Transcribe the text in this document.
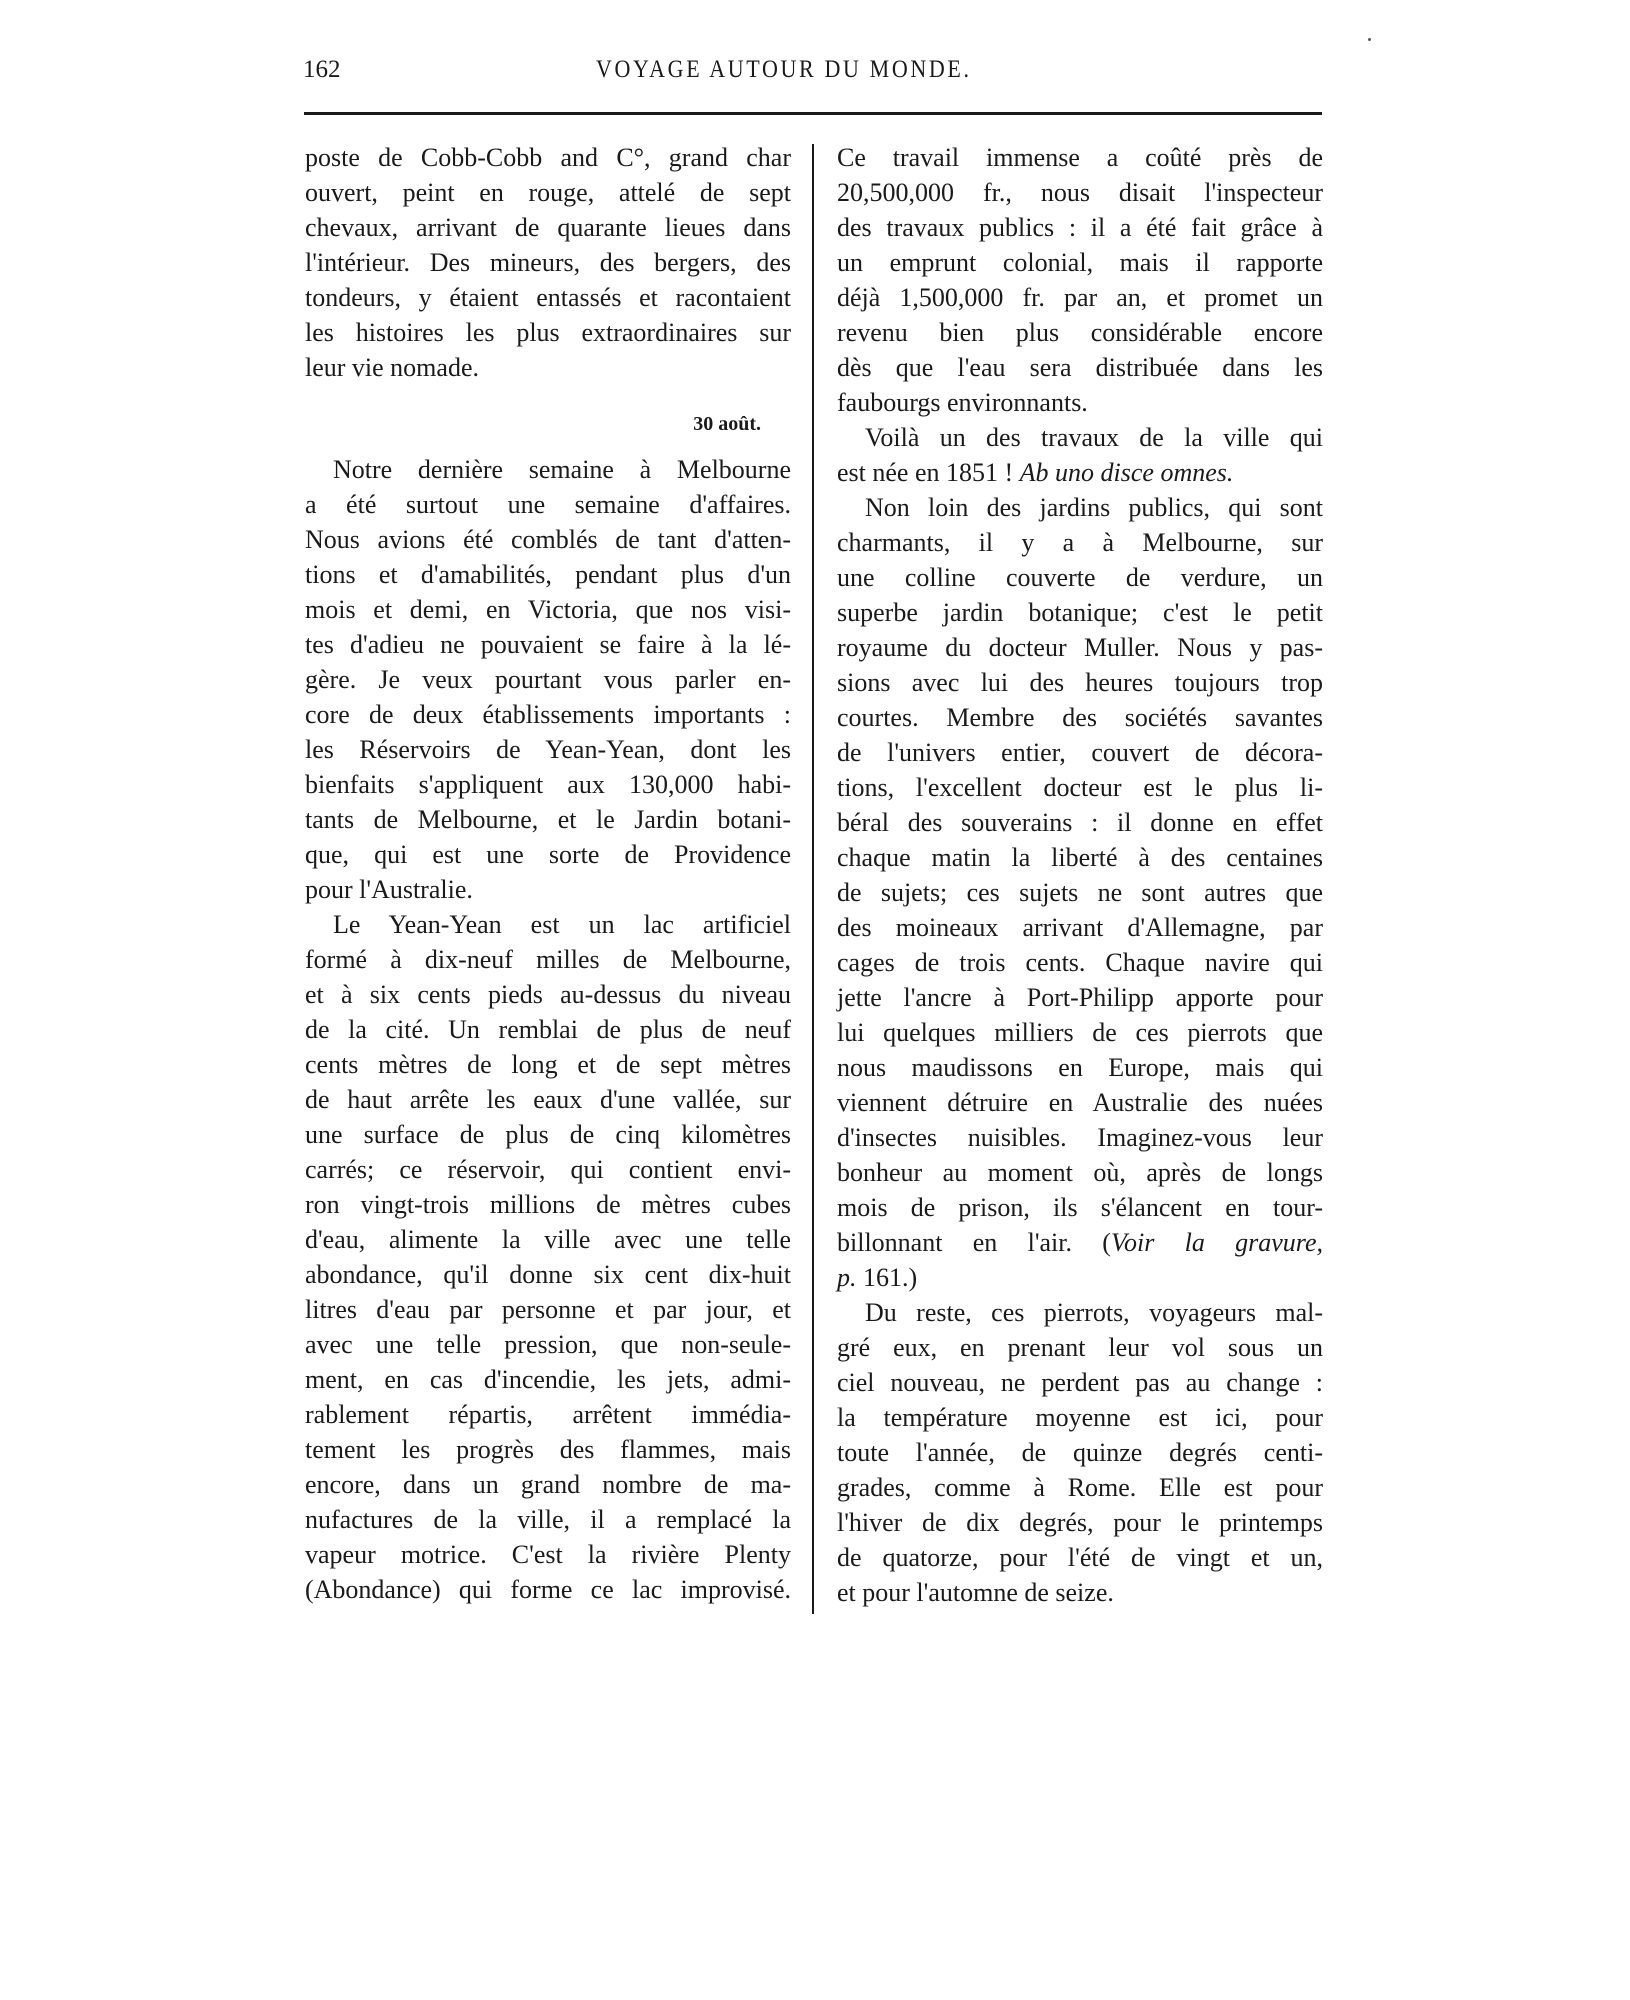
162	VOYAGE AUTOUR DU MONDE.
poste de Cobb-Cobb and C°, grand char
ouvert, peint en rouge, attelé de sept
chevaux, arrivant de quarante lieues dans
l'intérieur. Des mineurs, des bergers, des
tondeurs, y étaient entassés et racontaient
les histoires les plus extraordinaires sur
leur vie nomade.
30 août.
Notre dernière semaine à Melbourne
a été surtout une semaine d'affaires.
Nous avions été comblés de tant d'atten-
tions et d'amabilités, pendant plus d'un
mois et demi, en Victoria, que nos visi-
tes d'adieu ne pouvaient se faire à la lé-
gère. Je veux pourtant vous parler en-
core de deux établissements importants :
les Réservoirs de Yean-Yean, dont les
bienfaits s'appliquent aux 130,000 habi-
tants de Melbourne, et le Jardin botani-
que, qui est une sorte de Providence
pour l'Australie.
Le Yean-Yean est un lac artificiel
formé à dix-neuf milles de Melbourne,
et à six cents pieds au-dessus du niveau
de la cité. Un remblai de plus de neuf
cents mètres de long et de sept mètres
de haut arrête les eaux d'une vallée, sur
une surface de plus de cinq kilomètres
carrés; ce réservoir, qui contient envi-
ron vingt-trois millions de mètres cubes
d'eau, alimente la ville avec une telle
abondance, qu'il donne six cent dix-huit
litres d'eau par personne et par jour, et
avec une telle pression, que non-seule-
ment, en cas d'incendie, les jets, admi-
rablement répartis, arrêtent immédia-
tement les progrès des flammes, mais
encore, dans un grand nombre de ma-
nufactures de la ville, il a remplacé la
vapeur motrice. C'est la rivière Plenty
(Abondance) qui forme ce lac improvisé.
Ce travail immense a coûté près de
20,500,000 fr., nous disait l'inspecteur
des travaux publics : il a été fait grâce à
un emprunt colonial, mais il rapporte
déjà 1,500,000 fr. par an, et promet un
revenu bien plus considérable encore
dès que l'eau sera distribuée dans les
faubourgs environnants.
Voilà un des travaux de la ville qui
est née en 1851 ! Ab uno disce omnes.
Non loin des jardins publics, qui sont
charmants, il y a à Melbourne, sur
une colline couverte de verdure, un
superbe jardin botanique; c'est le petit
royaume du docteur Muller. Nous y pas-
sions avec lui des heures toujours trop
courtes. Membre des sociétés savantes
de l'univers entier, couvert de décora-
tions, l'excellent docteur est le plus li-
béral des souverains : il donne en effet
chaque matin la liberté à des centaines
de sujets; ces sujets ne sont autres que
des moineaux arrivant d'Allemagne, par
cages de trois cents. Chaque navire qui
jette l'ancre à Port-Philipp apporte pour
lui quelques milliers de ces pierrots que
nous maudissons en Europe, mais qui
viennent détruire en Australie des nuées
d'insectes nuisibles. Imaginez-vous leur
bonheur au moment où, après de longs
mois de prison, ils s'élancent en tour-
billonnant en l'air. (Voir la gravure,
p. 161.)
Du reste, ces pierrots, voyageurs mal-
gré eux, en prenant leur vol sous un
ciel nouveau, ne perdent pas au change :
la température moyenne est ici, pour
toute l'année, de quinze degrés centi-
grades, comme à Rome. Elle est pour
l'hiver de dix degrés, pour le printemps
de quatorze, pour l'été de vingt et un,
et pour l'automne de seize.
